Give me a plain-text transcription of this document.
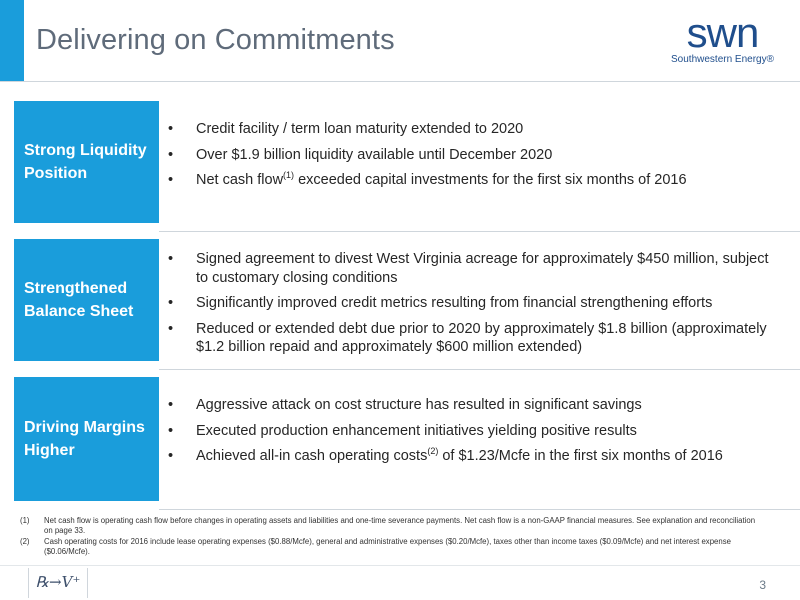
Delivering on Commitments	swn
Southwestern Energy®
Strong Liquidity Position
• Credit facility / term loan maturity extended to 2020
• Over $1.9 billion liquidity available until December 2020
• Net cash flow$^{(1)}$ exceeded capital investments for the first six months of 2016
Strengthened Balance Sheet
• Signed agreement to divest West Virginia acreage for approximately $450 million, subject to customary closing conditions
• Significantly improved credit metrics resulting from financial strengthening efforts
• Reduced or extended debt due prior to 2020 by approximately $1.8 billion (approximately $1.2 billion repaid and approximately $600 million extended)
Driving Margins Higher
• Aggressive attack on cost structure has resulted in significant savings
• Executed production enhancement initiatives yielding positive results
• Achieved all-in cash operating costs$^{(2)}$ of $1.23/Mcfe in the first six months of 2016
(1) Net cash flow is operating cash flow before changes in operating assets and liabilities and one-time severance payments. Net cash flow is a non-GAAP financial measures. See explanation and reconciliation on page 33.
(2) Cash operating costs for 2016 include lease operating expenses ($0.88/Mcfe), general and administrative expenses ($0.20/Mcfe), taxes other than income taxes ($0.09/Mcfe) and net interest expense ($0.06/Mcfe).
℞→V⁺	3
